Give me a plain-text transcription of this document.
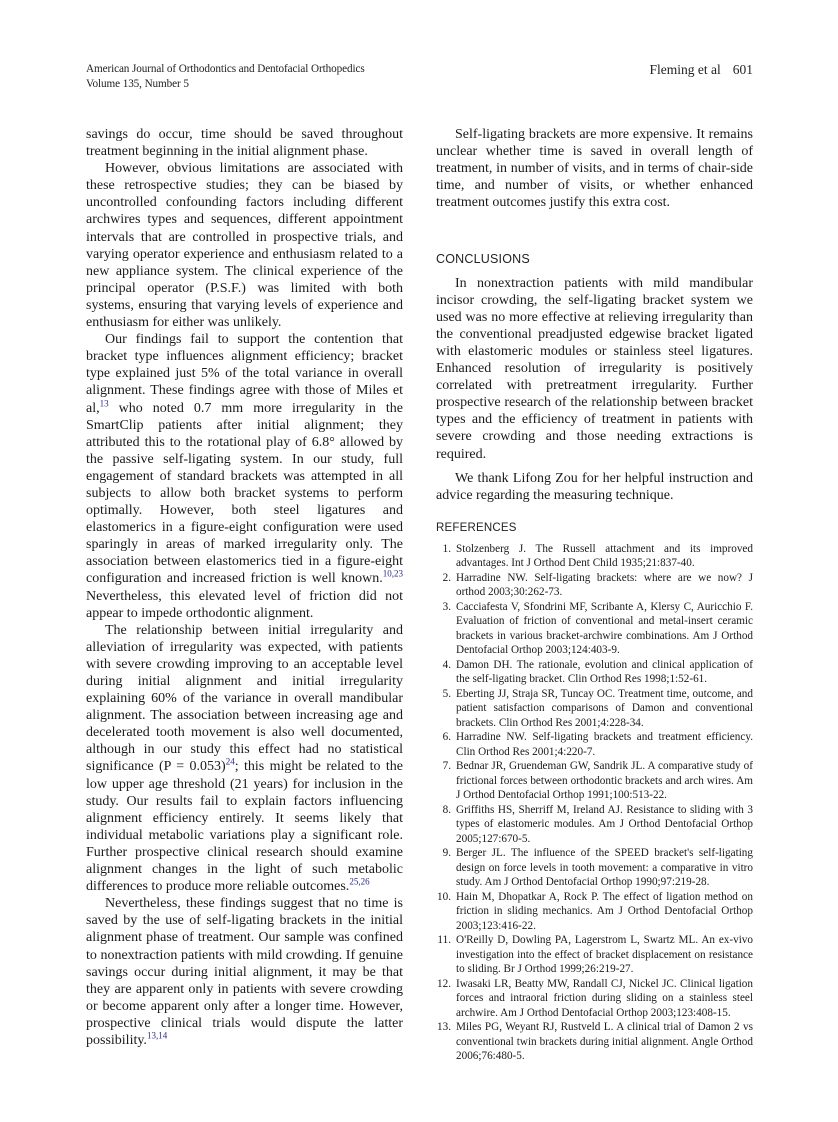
American Journal of Orthodontics and Dentofacial Orthopedics
Volume 135, Number 5
Fleming et al 601

savings do occur, time should be saved throughout treatment beginning in the initial alignment phase.

However, obvious limitations are associated with these retrospective studies; they can be biased by uncontrolled confounding factors including different archwires types and sequences, different appointment intervals that are controlled in prospective trials, and varying operator experience and enthusiasm related to a new appliance system. The clinical experience of the principal operator (P.S.F.) was limited with both systems, ensuring that varying levels of experience and enthusiasm for either was unlikely.

Our findings fail to support the contention that bracket type influences alignment efficiency; bracket type explained just 5% of the total variance in overall alignment. These findings agree with those of Miles et al,$^{13}$ who noted 0.7 mm more irregularity in the SmartClip patients after initial alignment; they attributed this to the rotational play of 6.8° allowed by the passive self-ligating system. In our study, full engagement of standard brackets was attempted in all subjects to allow both bracket systems to perform optimally. However, both steel ligatures and elastomerics in a figure-eight configuration were used sparingly in areas of marked irregularity only. The association between elastomerics tied in a figure-eight configuration and increased friction is well known.$^{10,23}$ Nevertheless, this elevated level of friction did not appear to impede orthodontic alignment.

The relationship between initial irregularity and alleviation of irregularity was expected, with patients with severe crowding improving to an acceptable level during initial alignment and initial irregularity explaining 60% of the variance in overall mandibular alignment. The association between increasing age and decelerated tooth movement is also well documented, although in our study this effect had no statistical significance (P = 0.053)$^{24}$; this might be related to the low upper age threshold (21 years) for inclusion in the study. Our results fail to explain factors influencing alignment efficiency entirely. It seems likely that individual metabolic variations play a significant role. Further prospective clinical research should examine alignment changes in the light of such metabolic differences to produce more reliable outcomes.$^{25,26}$

Nevertheless, these findings suggest that no time is saved by the use of self-ligating brackets in the initial alignment phase of treatment. Our sample was confined to nonextraction patients with mild crowding. If genuine savings occur during initial alignment, it may be that they are apparent only in patients with severe crowding or become apparent only after a longer time. However, prospective clinical trials would dispute the latter possibility.$^{13,14}$

Self-ligating brackets are more expensive. It remains unclear whether time is saved in overall length of treatment, in number of visits, and in terms of chair-side time, and number of visits, or whether enhanced treatment outcomes justify this extra cost.

CONCLUSIONS

In nonextraction patients with mild mandibular incisor crowding, the self-ligating bracket system we used was no more effective at relieving irregularity than the conventional preadjusted edgewise bracket ligated with elastomeric modules or stainless steel ligatures. Enhanced resolution of irregularity is positively correlated with pretreatment irregularity. Further prospective research of the relationship between bracket types and the efficiency of treatment in patients with severe crowding and those needing extractions is required.

We thank Lifong Zou for her helpful instruction and advice regarding the measuring technique.

REFERENCES
1. Stolzenberg J. The Russell attachment and its improved advantages. Int J Orthod Dent Child 1935;21:837-40.
2. Harradine NW. Self-ligating brackets: where are we now? J orthod 2003;30:262-73.
3. Cacciafesta V, Sfondrini MF, Scribante A, Klersy C, Auricchio F. Evaluation of friction of conventional and metal-insert ceramic brackets in various bracket-archwire combinations. Am J Orthod Dentofacial Orthop 2003;124:403-9.
4. Damon DH. The rationale, evolution and clinical application of the self-ligating bracket. Clin Orthod Res 1998;1:52-61.
5. Eberting JJ, Straja SR, Tuncay OC. Treatment time, outcome, and patient satisfaction comparisons of Damon and conventional brackets. Clin Orthod Res 2001;4:228-34.
6. Harradine NW. Self-ligating brackets and treatment efficiency. Clin Orthod Res 2001;4:220-7.
7. Bednar JR, Gruendeman GW, Sandrik JL. A comparative study of frictional forces between orthodontic brackets and arch wires. Am J Orthod Dentofacial Orthop 1991;100:513-22.
8. Griffiths HS, Sherriff M, Ireland AJ. Resistance to sliding with 3 types of elastomeric modules. Am J Orthod Dentofacial Orthop 2005;127:670-5.
9. Berger JL. The influence of the SPEED bracket's self-ligating design on force levels in tooth movement: a comparative in vitro study. Am J Orthod Dentofacial Orthop 1990;97:219-28.
10. Hain M, Dhopatkar A, Rock P. The effect of ligation method on friction in sliding mechanics. Am J Orthod Dentofacial Orthop 2003;123:416-22.
11. O'Reilly D, Dowling PA, Lagerstrom L, Swartz ML. An ex-vivo investigation into the effect of bracket displacement on resistance to sliding. Br J Orthod 1999;26:219-27.
12. Iwasaki LR, Beatty MW, Randall CJ, Nickel JC. Clinical ligation forces and intraoral friction during sliding on a stainless steel archwire. Am J Orthod Dentofacial Orthop 2003;123:408-15.
13. Miles PG, Weyant RJ, Rustveld L. A clinical trial of Damon 2 vs conventional twin brackets during initial alignment. Angle Orthod 2006;76:480-5.
